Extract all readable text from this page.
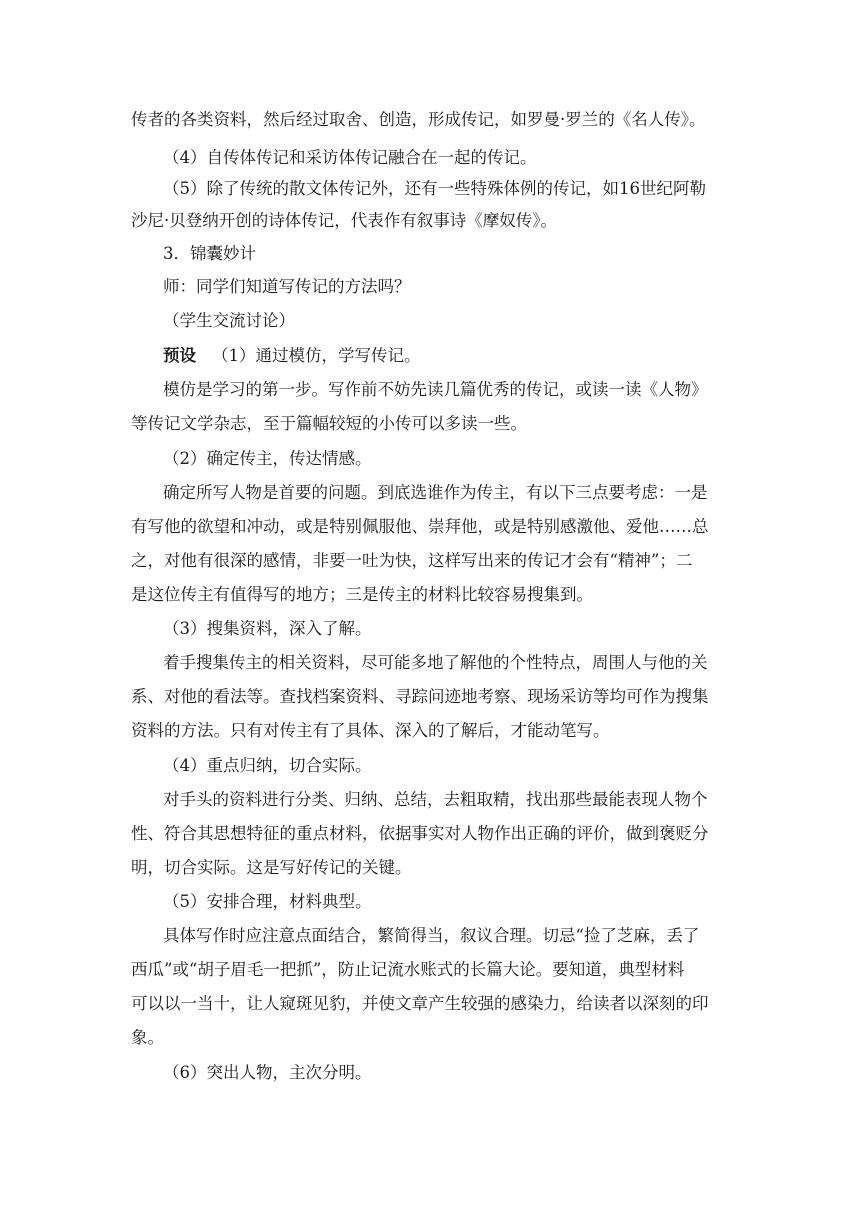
传者的各类资料，然后经过取舍、创造，形成传记，如罗曼·罗兰的《名人传》。
（4）自传体传记和采访体传记融合在一起的传记。
（5）除了传统的散文体传记外，还有一些特殊体例的传记，如16世纪阿勒
沙尼·贝登纳开创的诗体传记，代表作有叙事诗《摩奴传》。
3．锦囊妙计
师：同学们知道写传记的方法吗？
（学生交流讨论）
预设 （1）通过模仿，学写传记。
模仿是学习的第一步。写作前不妨先读几篇优秀的传记，或读一读《人物》
等传记文学杂志，至于篇幅较短的小传可以多读一些。
（2）确定传主，传达情感。
确定所写人物是首要的问题。到底选谁作为传主，有以下三点要考虑：一是
有写他的欲望和冲动，或是特别佩服他、崇拜他，或是特别感激他、爱他……总
之，对他有很深的感情，非要一吐为快，这样写出来的传记才会有“精神”；二
是这位传主有值得写的地方；三是传主的材料比较容易搜集到。
（3）搜集资料，深入了解。
着手搜集传主的相关资料，尽可能多地了解他的个性特点，周围人与他的关
系、对他的看法等。查找档案资料、寻踪问迹地考察、现场采访等均可作为搜集
资料的方法。只有对传主有了具体、深入的了解后，才能动笔写。
（4）重点归纳，切合实际。
对手头的资料进行分类、归纳、总结，去粗取精，找出那些最能表现人物个
性、符合其思想特征的重点材料，依据事实对人物作出正确的评价，做到褒贬分
明，切合实际。这是写好传记的关键。
（5）安排合理，材料典型。
具体写作时应注意点面结合，繁简得当，叙议合理。切忌“捡了芝麻，丢了
西瓜”或“胡子眉毛一把抓”，防止记流水账式的长篇大论。要知道，典型材料
可以以一当十，让人窥斑见豹，并使文章产生较强的感染力，给读者以深刻的印
象。
（6）突出人物，主次分明。
